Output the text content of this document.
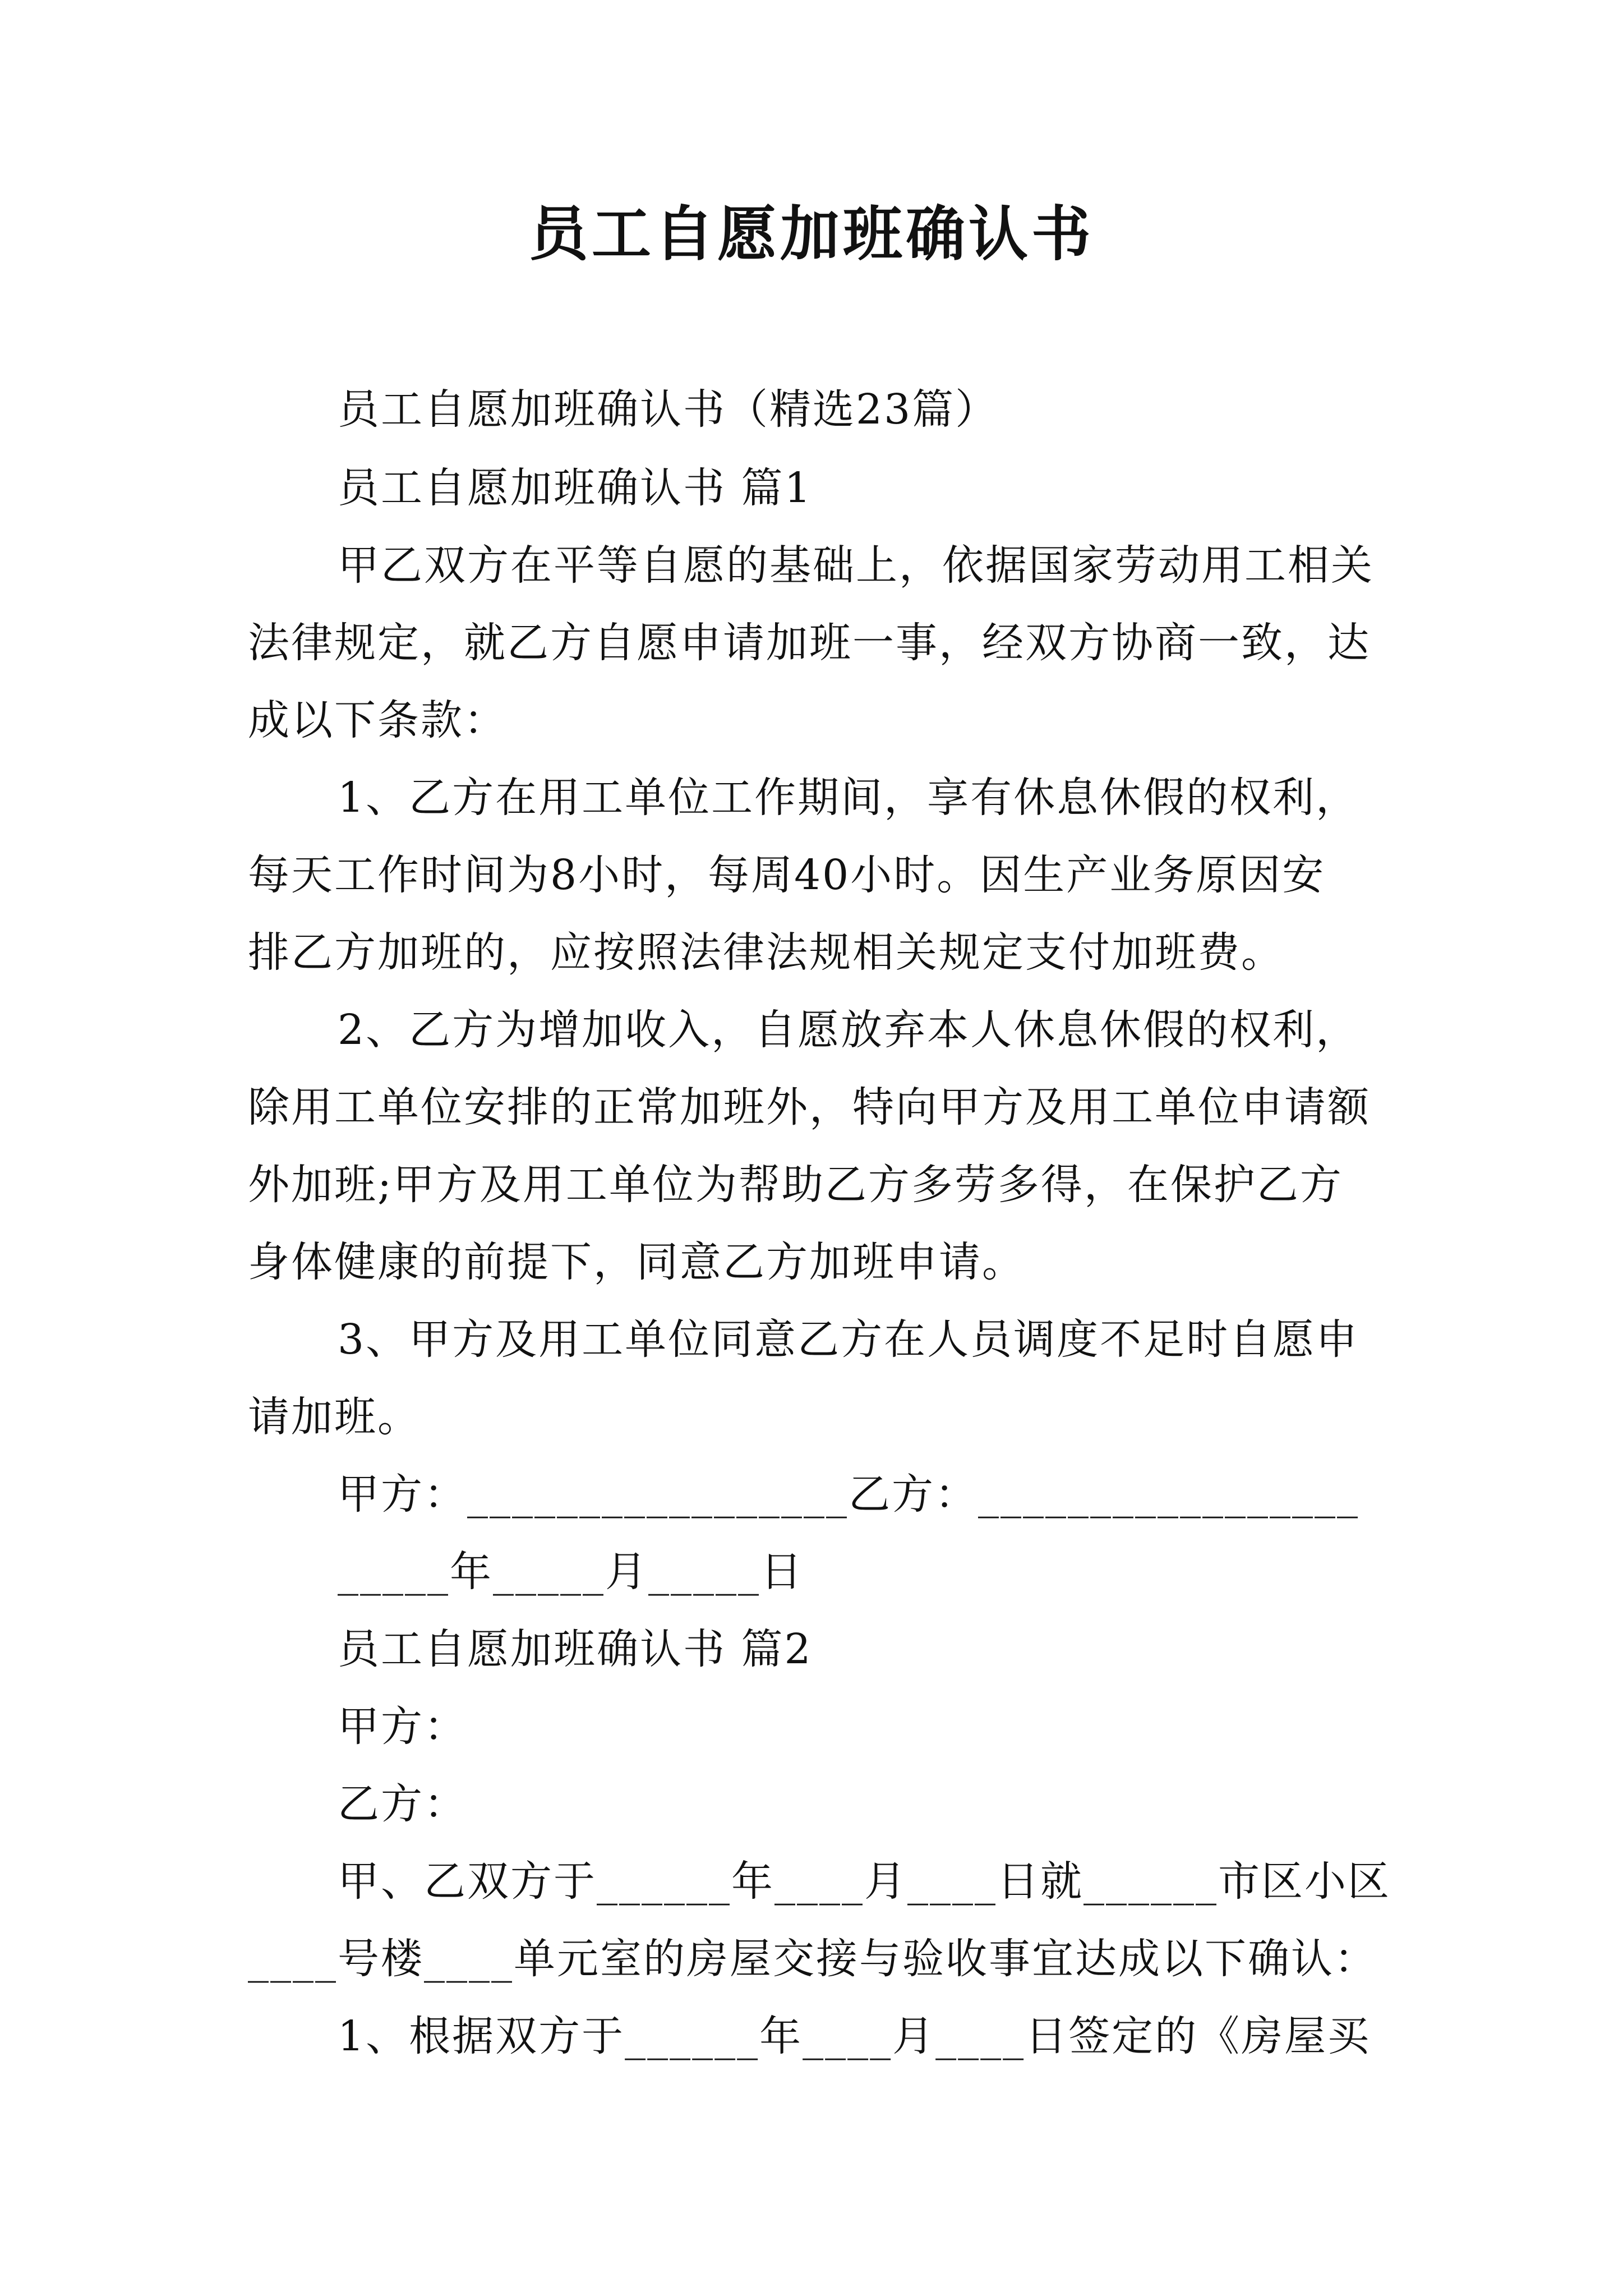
员工自愿加班确认书
员工自愿加班确认书（精选23篇）
员工自愿加班确认书 篇1
甲乙双方在平等自愿的基础上，依据国家劳动用工相关
法律规定，就乙方自愿申请加班一事，经双方协商一致，达
成以下条款：
1、乙方在用工单位工作期间，享有休息休假的权利，
每天工作时间为8小时，每周40小时。因生产业务原因安
排乙方加班的，应按照法律法规相关规定支付加班费。
2、乙方为增加收入，自愿放弃本人休息休假的权利，
除用工单位安排的正常加班外，特向甲方及用工单位申请额
外加班;甲方及用工单位为帮助乙方多劳多得，在保护乙方
身体健康的前提下，同意乙方加班申请。
3、甲方及用工单位同意乙方在人员调度不足时自愿申
请加班。
甲方：_________________乙方：_________________
_____年_____月_____日
员工自愿加班确认书 篇2
甲方：
乙方：
甲、乙双方于______年____月____日就______市区小区
____号楼____单元室的房屋交接与验收事宜达成以下确认：
1、根据双方于______年____月____日签定的《房屋买
